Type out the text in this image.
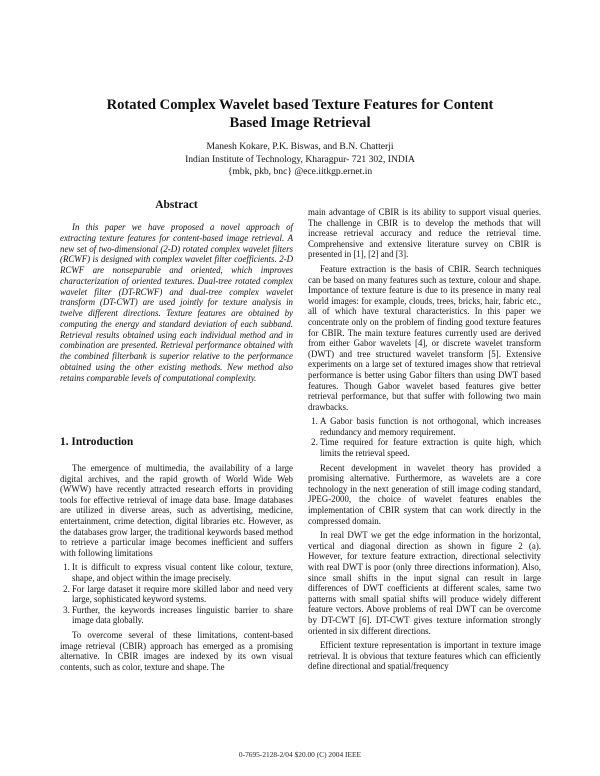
Rotated Complex Wavelet based Texture Features for Content
Based Image Retrieval
Manesh Kokare, P.K. Biswas, and B.N. Chatterji
Indian Institute of Technology, Kharagpur- 721 302, INDIA
{mbk, pkb, bnc} @ece.iitkgp.ernet.in
Abstract

In this paper we have proposed a novel approach of extracting texture features for content-based image retrieval. A new set of two-dimensional (2-D) rotated complex wavelet filters (RCWF) is designed with complex wavelet filter coefficients. 2-D RCWF are nonseparable and oriented, which improves characterization of oriented textures. Dual-tree rotated complex wavelet filter (DT-RCWF) and dual-tree complex wavelet transform (DT-CWT) are used jointly for texture analysis in twelve different directions. Texture features are obtained by computing the energy and standard deviation of each subband. Retrieval results obtained using each individual method and in combination are presented. Retrieval performance obtained with the combined filterbank is superior relative to the performance obtained using the other existing methods. New method also retains comparable levels of computational complexity.

1. Introduction

The emergence of multimedia, the availability of a large digital archives, and the rapid growth of World Wide Web (WWW) have recently attracted research efforts in providing tools for effective retrieval of image data base. Image databases are utilized in diverse areas, such as advertising, medicine, entertainment, crime detection, digital libraries etc. However, as the databases grow larger, the traditional keywords based method to retrieve a particular image becomes inefficient and suffers with following limitations

1. It is difficult to express visual content like colour, texture, shape, and object within the image precisely.
2. For large dataset it require more skilled labor and need very large, sophisticated keyword systems.
3. Further, the keywords increases linguistic barrier to share image data globally.

To overcome several of these limitations, content-based image retrieval (CBIR) approach has emerged as a promising alternative. In CBIR images are indexed by its own visual contents, such as color, texture and shape. The

main advantage of CBIR is its ability to support visual queries. The challenge in CBIR is to develop the methods that will increase retrieval accuracy and reduce the retrieval time. Comprehensive and extensive literature survey on CBIR is presented in [1], [2] and [3].

Feature extraction is the basis of CBIR. Search techniques can be based on many features such as texture, colour and shape. Importance of texture feature is due to its presence in many real world images: for example, clouds, trees, bricks, hair, fabric etc., all of which have textural characteristics. In this paper we concentrate only on the problem of finding good texture features for CBIR. The main texture features currently used are derived from either Gabor wavelets [4], or discrete wavelet transform (DWT) and tree structured wavelet transform [5]. Extensive experiments on a large set of textured images show that retrieval performance is better using Gabor filters than using DWT based features. Though Gabor wavelet based features give better retrieval performance, but that suffer with following two main drawbacks.

1. A Gabor basis function is not orthogonal, which increases redundancy and memory requirement.
2. Time required for feature extraction is quite high, which limits the retrieval speed.

Recent development in wavelet theory has provided a promising alternative. Furthermore, as wavelets are a core technology in the next generation of still image coding standard, JPEG-2000, the choice of wavelet features enables the implementation of CBIR system that can work directly in the compressed domain.

In real DWT we get the edge information in the horizontal, vertical and diagonal direction as shown in figure 2 (a). However, for texture feature extraction, directional selectivity with real DWT is poor (only three directions information). Also, since small shifts in the input signal can result in large differences of DWT coefficients at different scales, same two patterns with small spatial shifts will produce widely different feature vectors. Above problems of real DWT can be overcome by DT-CWT [6]. DT-CWT gives texture information strongly oriented in six different directions.

Efficient texture representation is important in texture image retrieval. It is obvious that texture features which can efficiently define directional and spatial/frequency

0-7695-2128-2/04 $20.00 (C) 2004 IEEE
